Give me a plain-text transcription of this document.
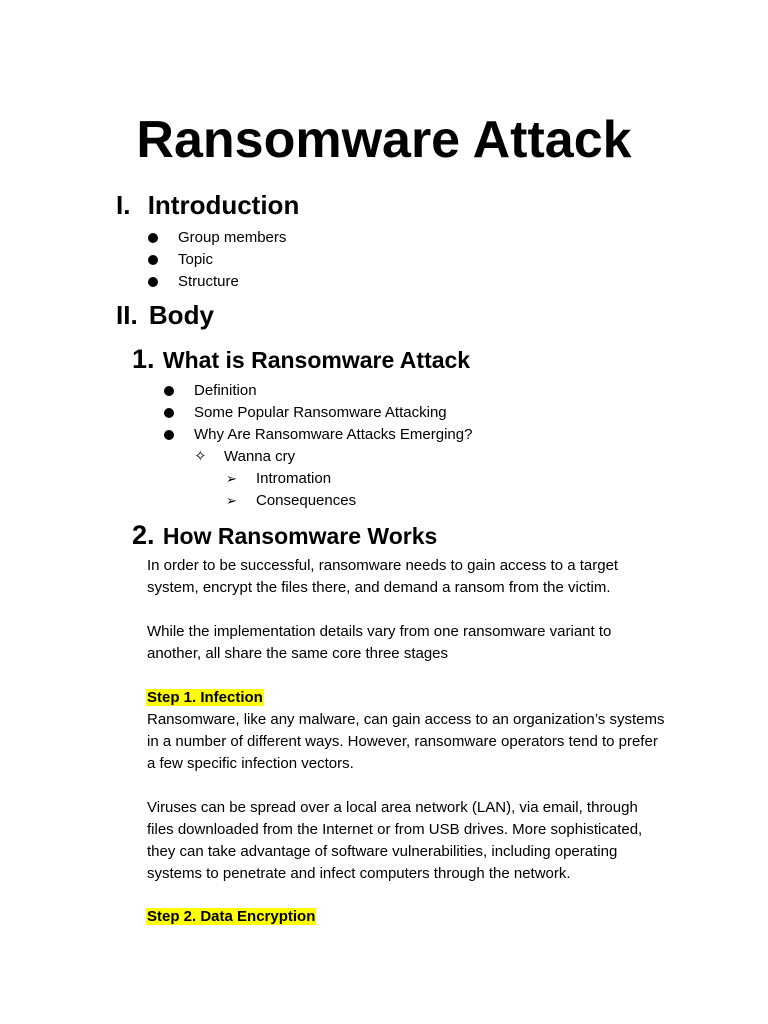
Ransomware Attack
I. Introduction
Group members
Topic
Structure
II. Body
1. What is Ransomware Attack
Definition
Some Popular Ransomware Attacking
Why Are Ransomware Attacks Emerging?
✧ Wanna cry
➢ Intromation
➢ Consequences
2. How Ransomware Works
In order to be successful, ransomware needs to gain access to a target system, encrypt the files there, and demand a ransom from the victim.
While the implementation details vary from one ransomware variant to another, all share the same core three stages
Step 1. Infection
Ransomware, like any malware, can gain access to an organization’s systems in a number of different ways. However, ransomware operators tend to prefer a few specific infection vectors.
Viruses can be spread over a local area network (LAN), via email, through files downloaded from the Internet or from USB drives. More sophisticated, they can take advantage of software vulnerabilities, including operating systems to penetrate and infect computers through the network.
Step 2. Data Encryption
